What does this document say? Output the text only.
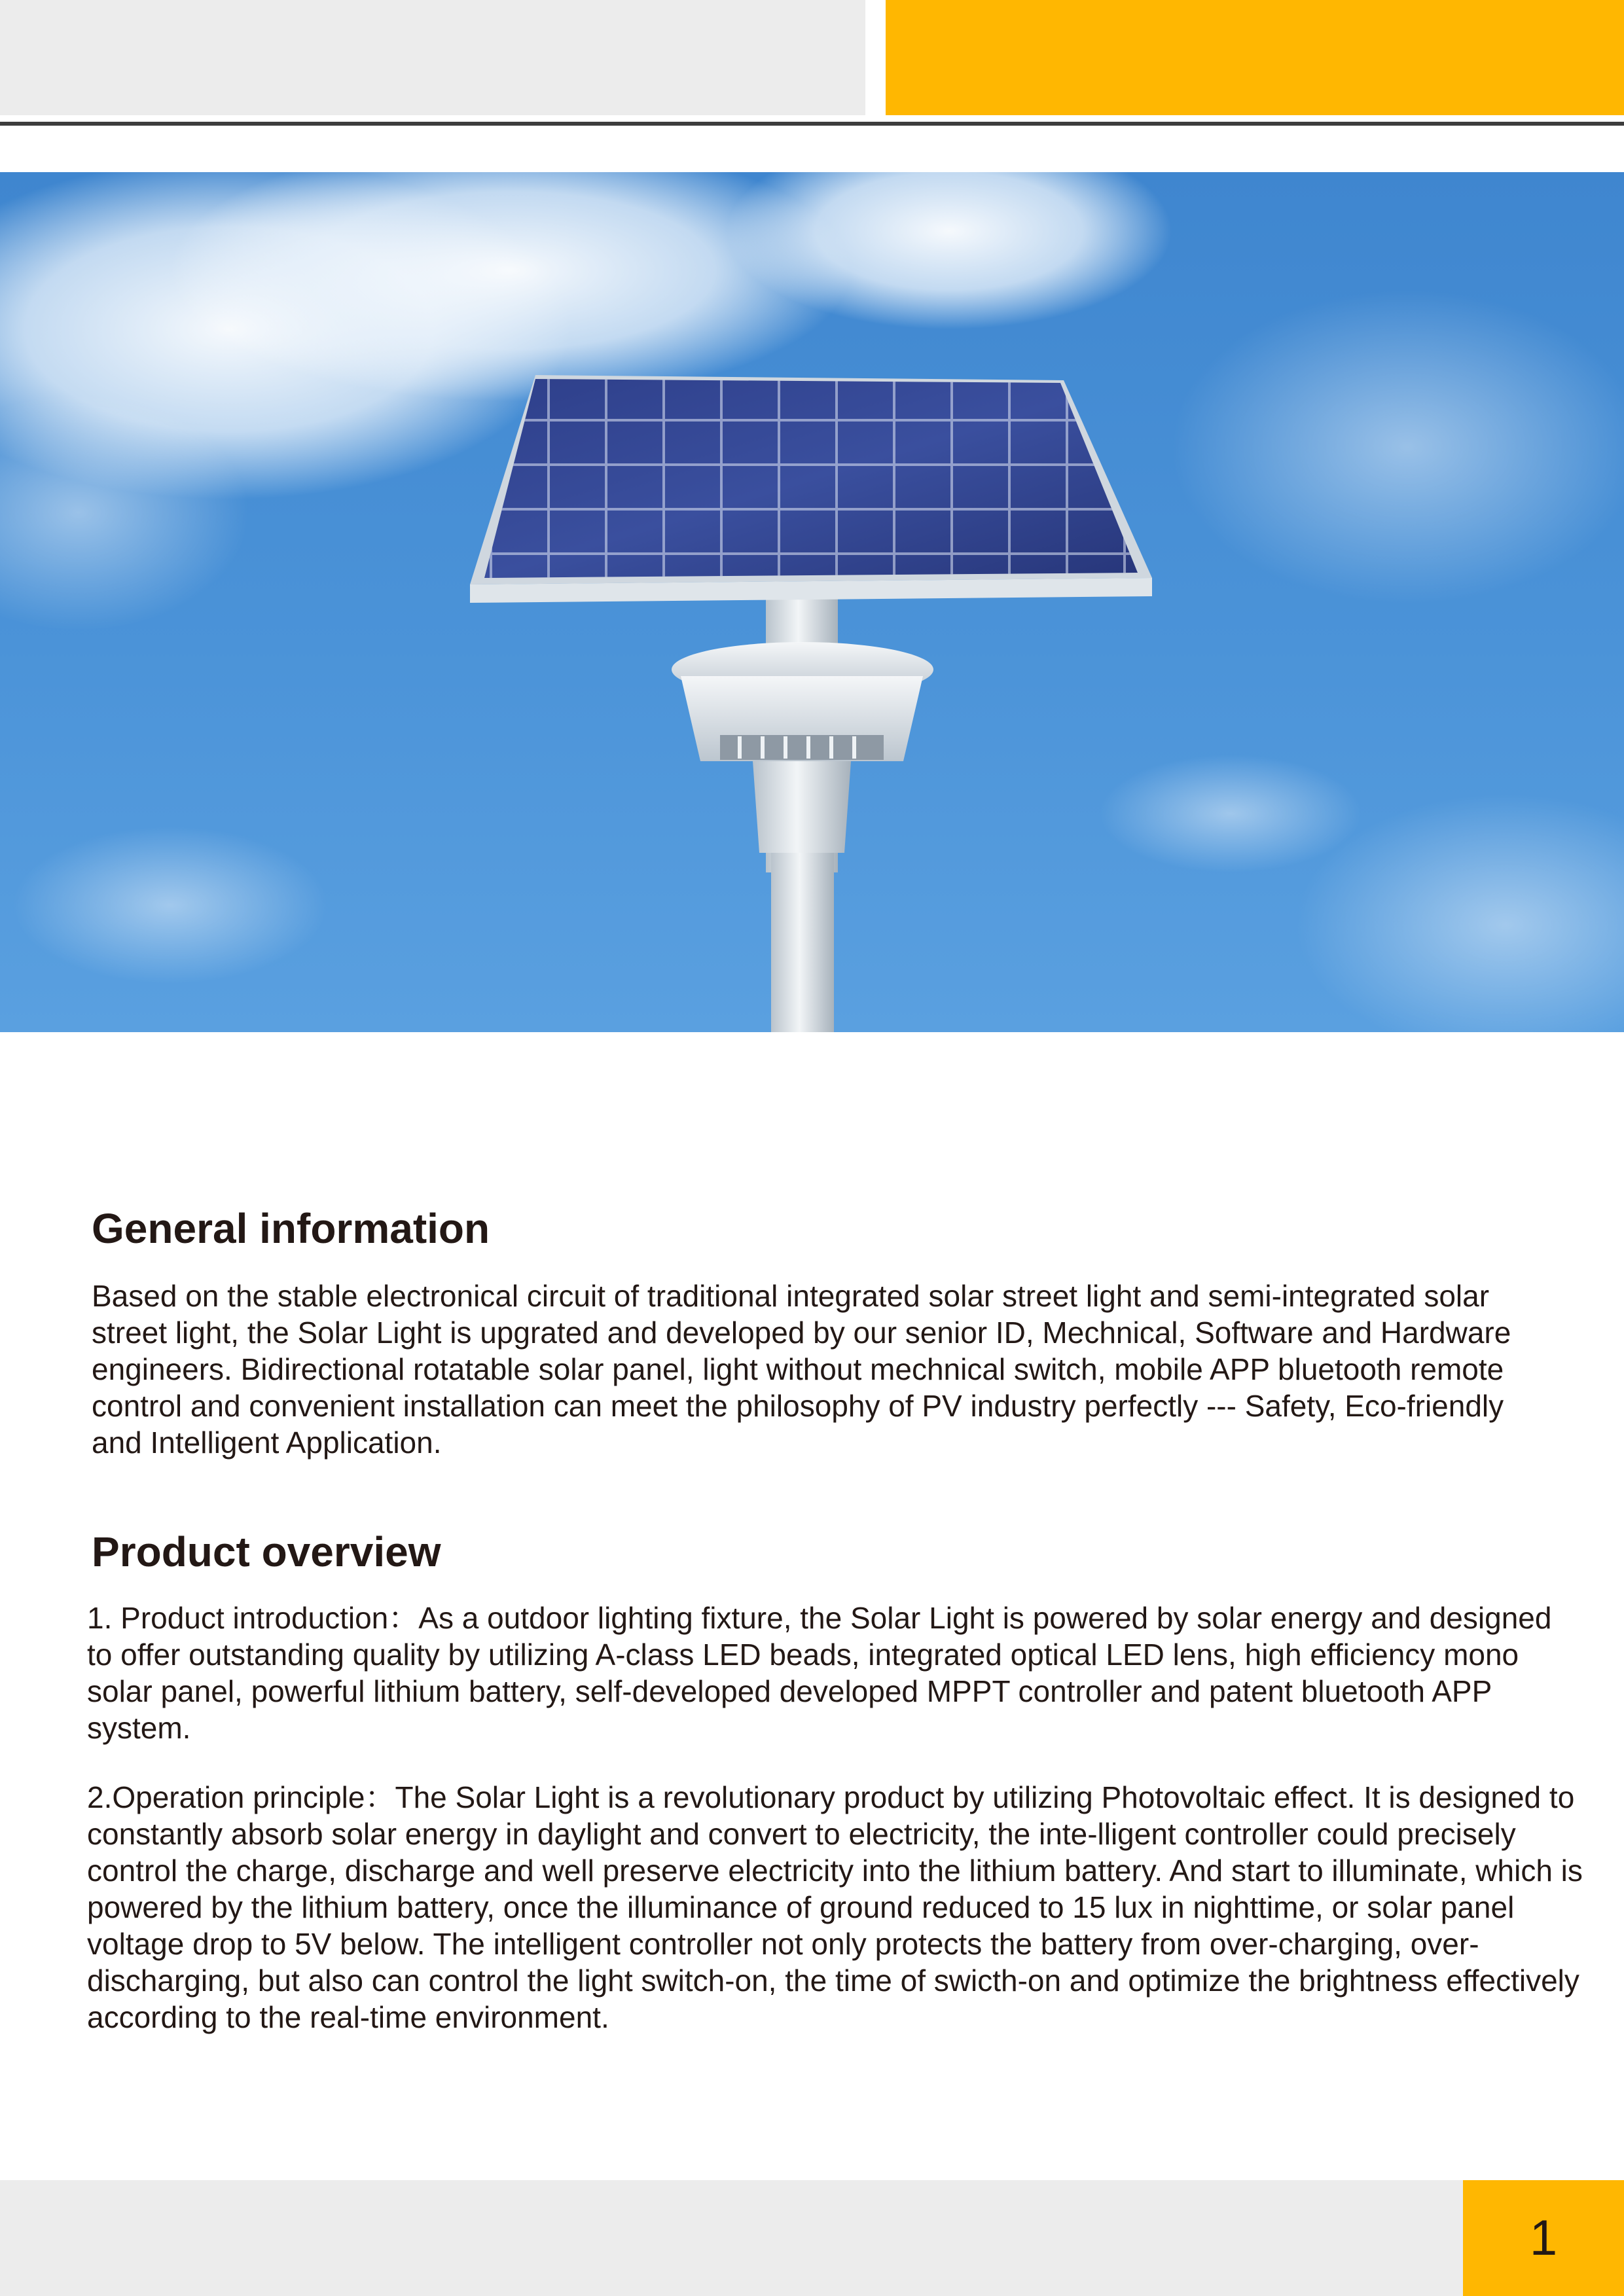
General information

Based on the stable electronical circuit of traditional integrated solar street light and semi-integrated solar street light, the Solar Light is upgrated and developed by our senior ID, Mechnical, Software and Hardware engineers. Bidirectional rotatable solar panel, light without mechnical switch, mobile APP bluetooth remote control and convenient installation can meet the philosophy of PV industry perfectly --- Safety, Eco-friendly and Intelligent Application.

Product overview

1. Product introduction：As a outdoor lighting fixture, the Solar Light is powered by solar energy and designed to offer outstanding quality by utilizing A-class LED beads, integrated optical LED lens, high efficiency mono solar panel, powerful lithium battery, self-developed developed MPPT controller and patent bluetooth APP system.

2.Operation principle：The Solar Light is a revolutionary product by utilizing Photovoltaic effect. It is designed to constantly absorb solar energy in daylight and convert to electricity, the inte-lligent controller could precisely control the charge, discharge and well preserve electricity into the lithium battery. And start to illuminate, which is powered by the lithium battery, once the illuminance of ground reduced to 15 lux in nighttime, or solar panel voltage drop to 5V below. The intelligent controller not only protects the battery from over-charging, over-discharging, but also can control the light switch-on, the time of swicth-on and optimize the brightness effectively according to the real-time environment.

1
